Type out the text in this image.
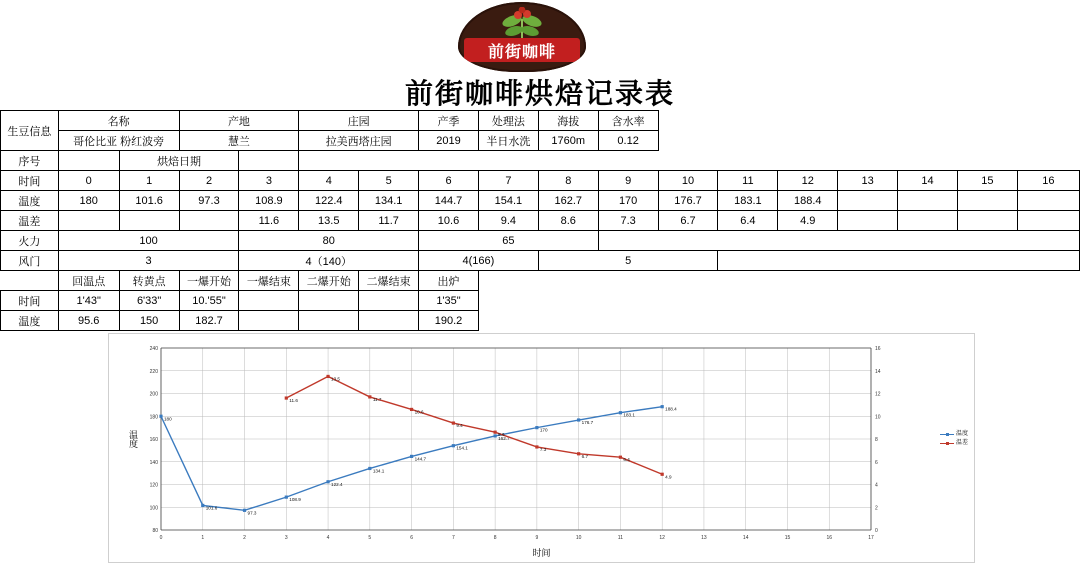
前街咖啡
前街咖啡烘焙记录表
生豆信息	名称		产地		庄园		产季	处理法	海拔	含水率							
	哥伦比亚 粉红波旁		慧兰		拉美西塔庄园		2019	半日水洗	1760m	0.12							
序号		烘焙日期															
时间	0	1	2	3	4	5	6	7	8	9	10	11	12	13	14	15	16
温度	180	101.6	97.3	108.9	122.4	134.1	144.7	154.1	162.7	170	176.7	183.1	188.4				
温差				11.6	13.5	11.7	10.6	9.4	8.6	7.3	6.7	6.4	4.9				
火力	100			80			65										
风门	3			4（140）			4(166)		5								
	回温点	转黄点	一爆开始	一爆结束	二爆开始	二爆结束	出炉										
时间	1'43"	6'33"	10.'55"				1'35"										
温度	95.6	150	182.7				190.2										
0	1	2	3	4	5	6	7	8	9	10	11	12	13	14	15	16	17
80
100
120
140
160
180
200
220
240
0
2
4
6
8
10
12
14
16
180
101.6
97.3
108.9
122.4
134.1
144.7
154.1
162.7
170
176.7
183.1
188.4
11.6
13.5
11.7
10.6
9.4
8.6
7.3
6.7
6.4
4.9
温度
时间
温度
温差
